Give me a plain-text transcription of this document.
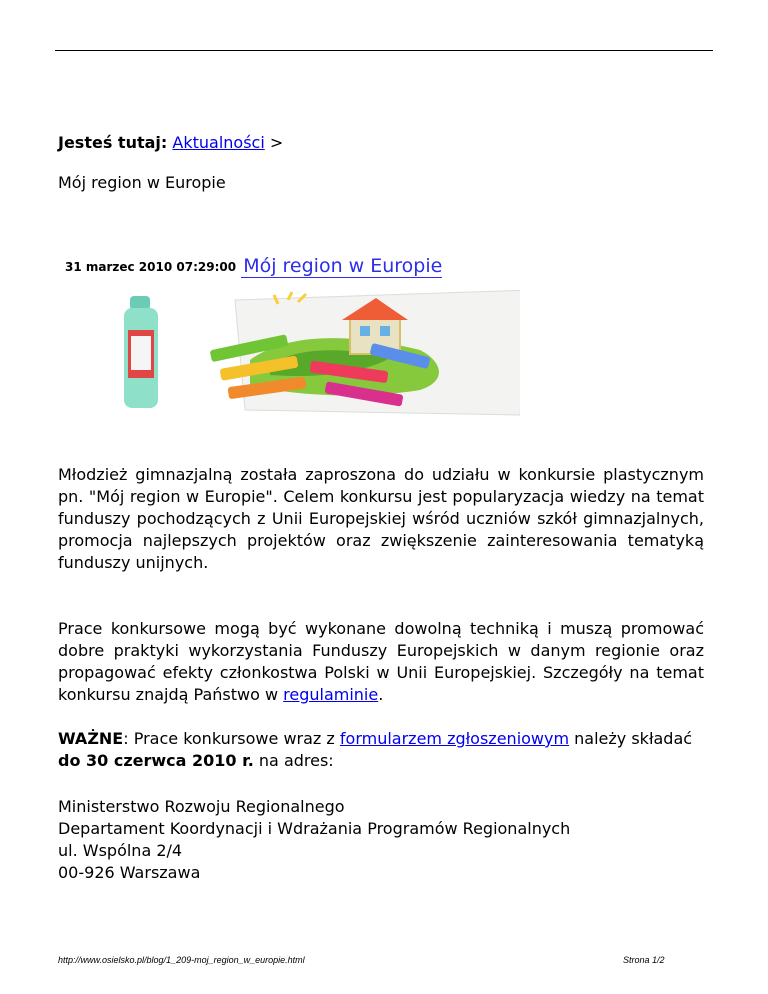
Jesteś tutaj: Aktualności >
Mój region w Europie
31 marzec 2010 07:29:00 Mój region w Europie

Młodzież gimnazjalną została zaproszona do udziału w konkursie plastycznym pn. "Mój region w Europie". Celem konkursu jest popularyzacja wiedzy na temat funduszy pochodzących z Unii Europejskiej wśród uczniów szkół gimnazjalnych, promocja najlepszych projektów oraz zwiększenie zainteresowania tematyką funduszy unijnych.

Prace konkursowe mogą być wykonane dowolną techniką i muszą promować dobre praktyki wykorzystania Funduszy Europejskich w danym regionie oraz propagować efekty członkostwa Polski w Unii Europejskiej. Szczegóły na temat konkursu znajdą Państwo w regulaminie.

WAŻNE: Prace konkursowe wraz z formularzem zgłoszeniowym należy składać do 30 czerwca 2010 r. na adres:

Ministerstwo Rozwoju Regionalnego
Departament Koordynacji i Wdrażania Programów Regionalnych
ul. Wspólna 2/4
00-926 Warszawa
http://www.osielsko.pl/blog/1_209-moj_region_w_europie.html	Strona 1/2
